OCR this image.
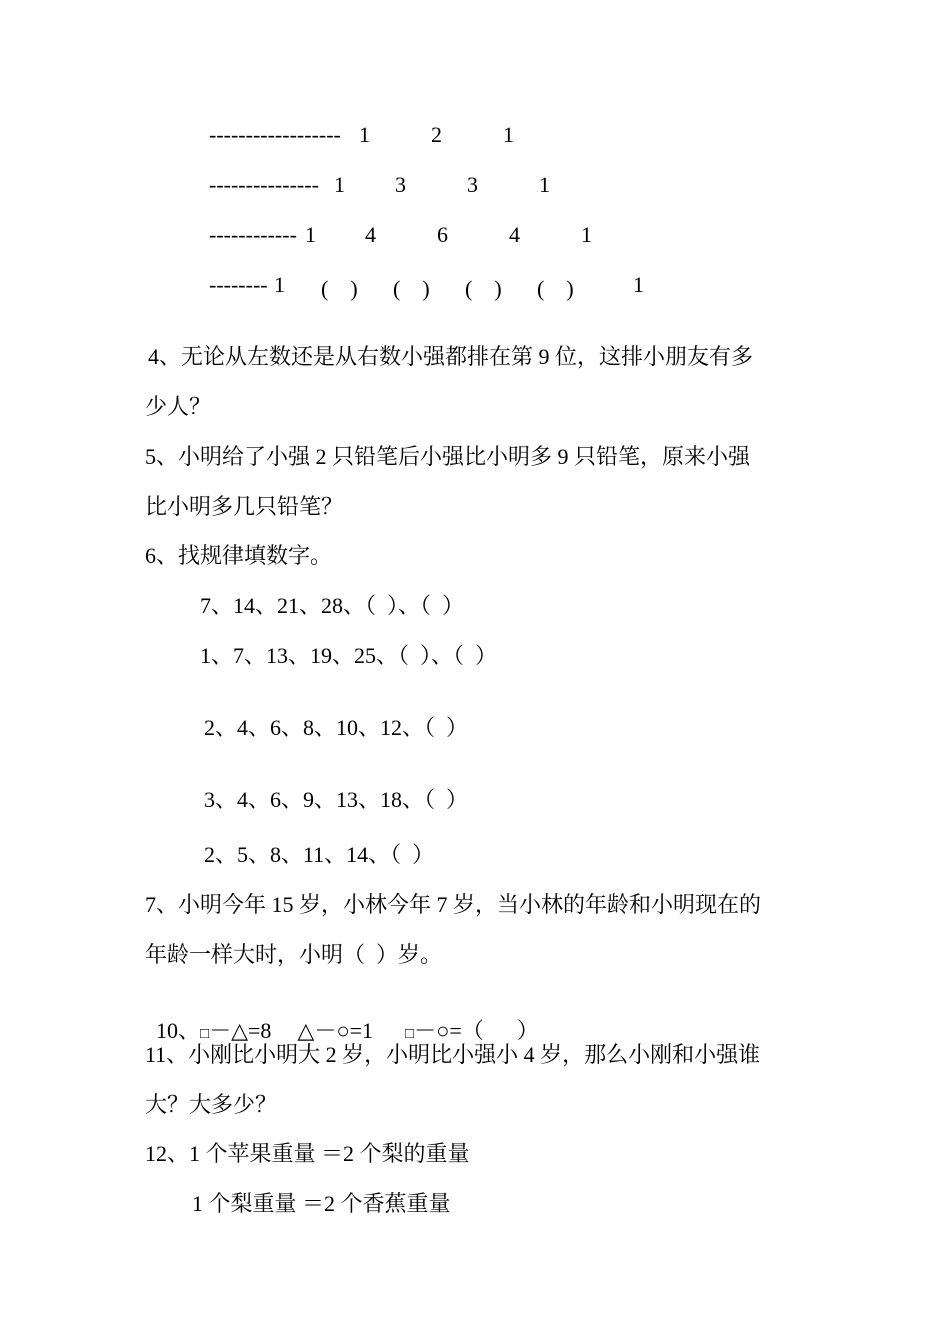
------------------ 1	2	1
--------------- 1 3	3	1
------------ 1 4	6	4	1
-------- 1 (　) (　) (　) (　)	1
4、无论从左数还是从右数小强都排在第 9 位，这排小朋友有多
少人？
5、小明给了小强 2 只铅笔后小强比小明多 9 只铅笔，原来小强
比小明多几只铅笔？
6、找规律填数字。
7、14、21、28、（  ）、（  ）
1、7、13、19、25、（  ）、（  ）
2、4、6、8、10、12、（  ）
3、4、6、9、13、18、（  ）
2、5、8、11、14、（  ）
7、小明今年 15 岁，小林今年 7 岁，当小林的年龄和小明现在的
年龄一样大时，小明（  ）岁。

10、□－△=8 △－○=1 □－○=（      ）

11、小刚比小明大 2 岁，小明比小强小 4 岁，那么小刚和小强谁
大？大多少？
12、1 个苹果重量 ＝2 个梨的重量
1 个梨重量 ＝2 个香蕉重量
